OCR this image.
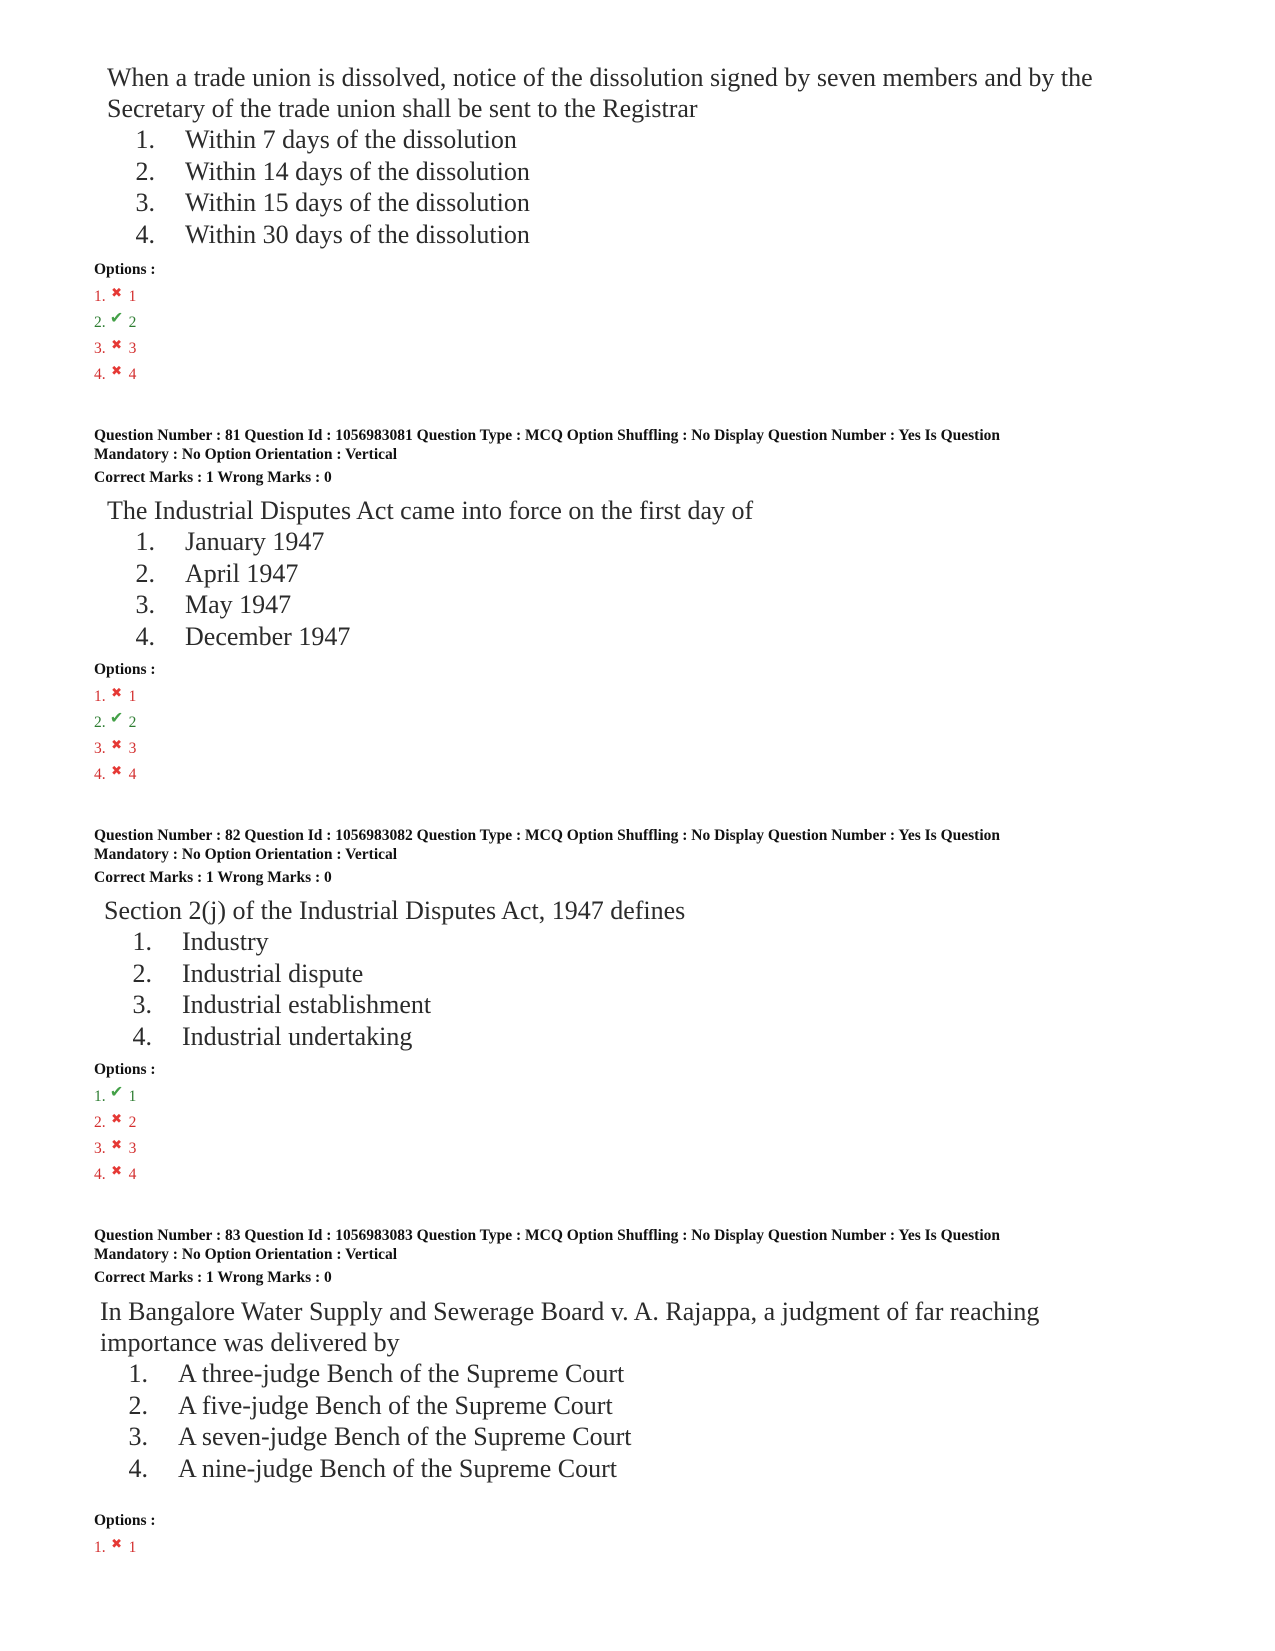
When a trade union is dissolved, notice of the dissolution signed by seven members and by the
Secretary of the trade union shall be sent to the Registrar

1.	Within 7 days of the dissolution
2.	Within 14 days of the dissolution
3.	Within 15 days of the dissolution
4.	Within 30 days of the dissolution
Options :
1. ✖ 1
2. ✔ 2
3. ✖ 3
4. ✖ 4
Question Number : 81 Question Id : 1056983081 Question Type : MCQ Option Shuffling : No Display Question Number : Yes Is Question
Mandatory : No Option Orientation : Vertical
Correct Marks : 1 Wrong Marks : 0

The Industrial Disputes Act came into force on the first day of

1.	January 1947
2.	April 1947
3.	May 1947
4.	December 1947
Options :
1. ✖ 1
2. ✔ 2
3. ✖ 3
4. ✖ 4
Question Number : 82 Question Id : 1056983082 Question Type : MCQ Option Shuffling : No Display Question Number : Yes Is Question
Mandatory : No Option Orientation : Vertical
Correct Marks : 1 Wrong Marks : 0

Section 2(j) of the Industrial Disputes Act, 1947 defines

1.	Industry
2.	Industrial dispute
3.	Industrial establishment
4.	Industrial undertaking
Options :
1. ✔ 1
2. ✖ 2
3. ✖ 3
4. ✖ 4
Question Number : 83 Question Id : 1056983083 Question Type : MCQ Option Shuffling : No Display Question Number : Yes Is Question
Mandatory : No Option Orientation : Vertical
Correct Marks : 1 Wrong Marks : 0

In Bangalore Water Supply and Sewerage Board v. A. Rajappa, a judgment of far reaching
importance was delivered by

1.	A three-judge Bench of the Supreme Court
2.	A five-judge Bench of the Supreme Court
3.	A seven-judge Bench of the Supreme Court
4.	A nine-judge Bench of the Supreme Court
Options :
1. ✖ 1
